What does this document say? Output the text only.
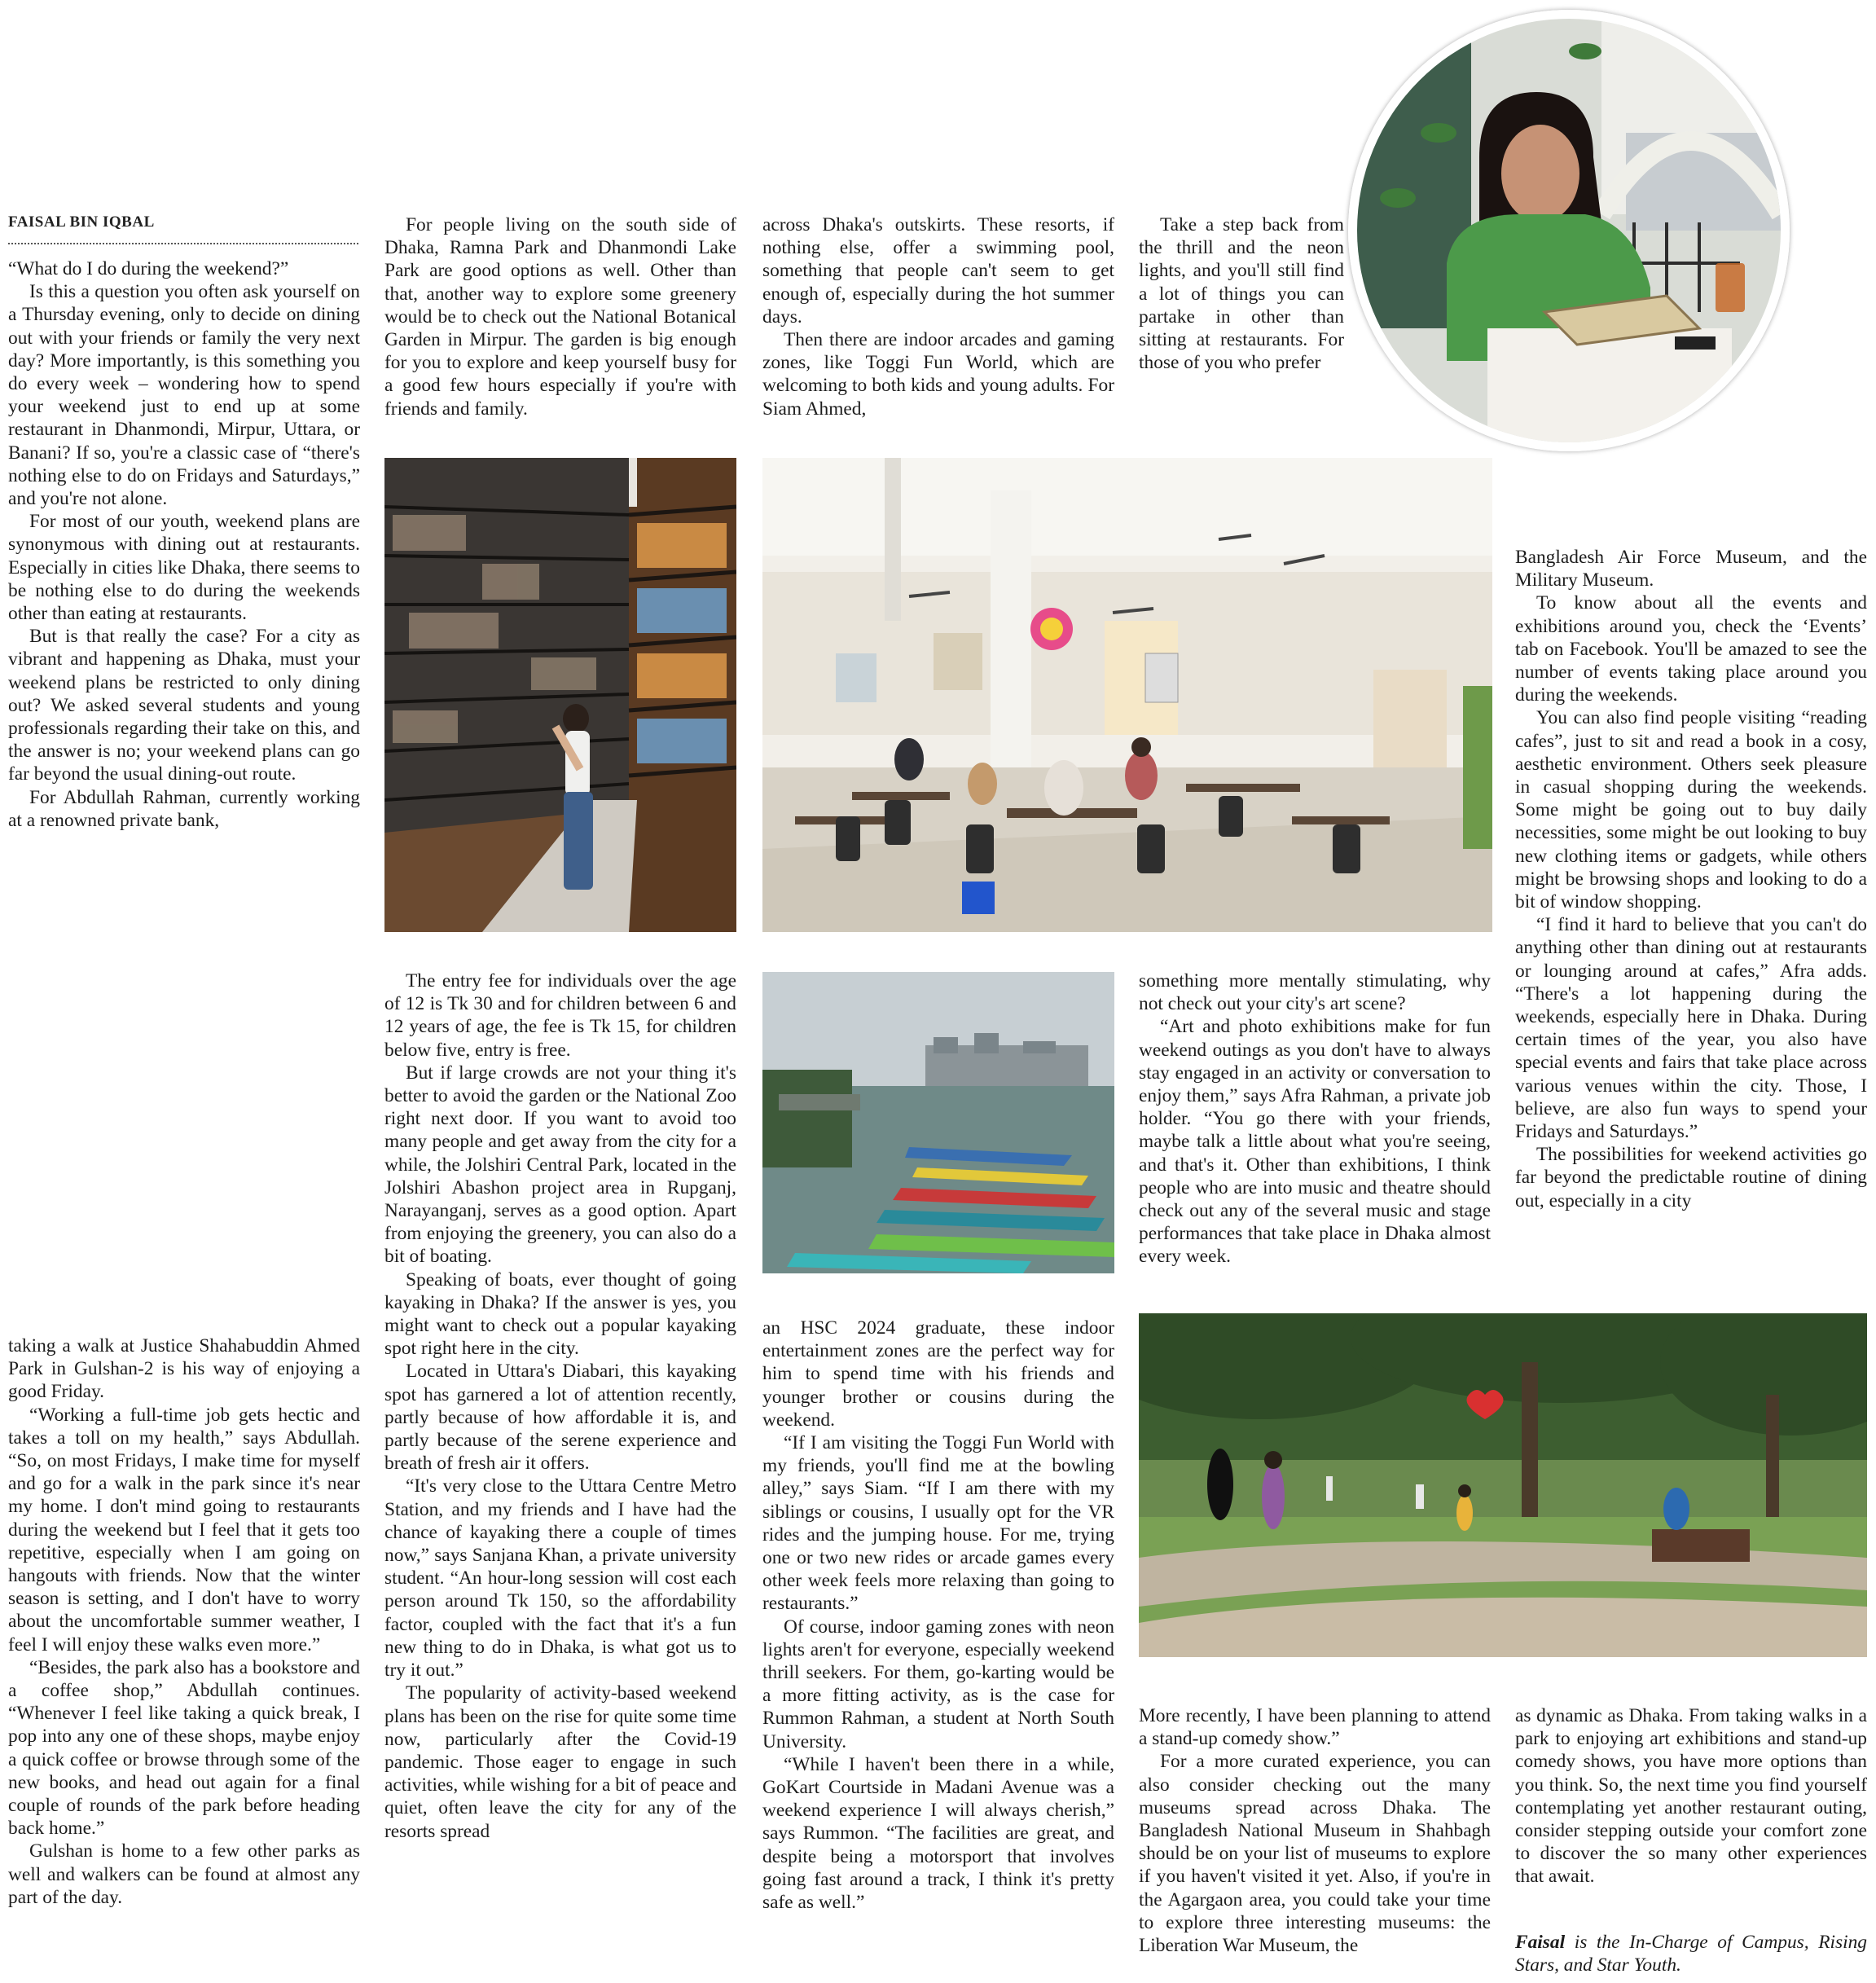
FAISAL BIN IQBAL

“What do I do during the weekend?”

Is this a question you often ask yourself on a Thursday evening, only to decide on dining out with your friends or family the very next day? More importantly, is this something you do every week – wondering how to spend your weekend just to end up at some restaurant in Dhanmondi, Mirpur, Uttara, or Banani? If so, you're a classic case of “there's nothing else to do on Fridays and Saturdays,” and you're not alone.

For most of our youth, weekend plans are synonymous with dining out at restaurants. Especially in cities like Dhaka, there seems to be nothing else to do during the weekends other than eating at restaurants.

But is that really the case? For a city as vibrant and happening as Dhaka, must your weekend plans be restricted to only dining out? We asked several students and young professionals regarding their take on this, and the answer is no; your weekend plans can go far beyond the usual dining-out route.

For Abdullah Rahman, currently working at a renowned private bank,

taking a walk at Justice Shahabuddin Ahmed Park in Gulshan-2 is his way of enjoying a good Friday.

“Working a full-time job gets hectic and takes a toll on my health,” says Abdullah. “So, on most Fridays, I make time for myself and go for a walk in the park since it's near my home. I don't mind going to restaurants during the weekend but I feel that it gets too repetitive, especially when I am going on hangouts with friends. Now that the winter season is setting, and I don't have to worry about the uncomfortable summer weather, I feel I will enjoy these walks even more.”

“Besides, the park also has a bookstore and a coffee shop,” Abdullah continues. “Whenever I feel like taking a quick break, I pop into any one of these shops, maybe enjoy a quick coffee or browse through some of the new books, and head out again for a final couple of rounds of the park before heading back home.”

Gulshan is home to a few other parks as well and walkers can be found at almost any part of the day.

For people living on the south side of Dhaka, Ramna Park and Dhanmondi Lake Park are good options as well. Other than that, another way to explore some greenery would be to check out the National Botanical Garden in Mirpur. The garden is big enough for you to explore and keep yourself busy for a good few hours especially if you're with friends and family.

The entry fee for individuals over the age of 12 is Tk 30 and for children between 6 and 12 years of age, the fee is Tk 15, for children below five, entry is free.

But if large crowds are not your thing it's better to avoid the garden or the National Zoo right next door. If you want to avoid too many people and get away from the city for a while, the Jolshiri Central Park, located in the Jolshiri Abashon project area in Rupganj, Narayanganj, serves as a good option. Apart from enjoying the greenery, you can also do a bit of boating.

Speaking of boats, ever thought of going kayaking in Dhaka? If the answer is yes, you might want to check out a popular kayaking spot right here in the city.

Located in Uttara's Diabari, this kayaking spot has garnered a lot of attention recently, partly because of how affordable it is, and partly because of the serene experience and breath of fresh air it offers.

“It's very close to the Uttara Centre Metro Station, and my friends and I have had the chance of kayaking there a couple of times now,” says Sanjana Khan, a private university student. “An hour-long session will cost each person around Tk 150, so the affordability factor, coupled with the fact that it's a fun new thing to do in Dhaka, is what got us to try it out.”

The popularity of activity-based weekend plans has been on the rise for quite some time now, particularly after the Covid-19 pandemic. Those eager to engage in such activities, while wishing for a bit of peace and quiet, often leave the city for any of the resorts spread

across Dhaka's outskirts. These resorts, if nothing else, offer a swimming pool, something that people can't seem to get enough of, especially during the hot summer days.

Then there are indoor arcades and gaming zones, like Toggi Fun World, which are welcoming to both kids and young adults. For Siam Ahmed,

an HSC 2024 graduate, these indoor entertainment zones are the perfect way for him to spend time with his friends and younger brother or cousins during the weekend.

“If I am visiting the Toggi Fun World with my friends, you'll find me at the bowling alley,” says Siam. “If I am there with my siblings or cousins, I usually opt for the VR rides and the jumping house. For me, trying one or two new rides or arcade games every other week feels more relaxing than going to restaurants.”

Of course, indoor gaming zones with neon lights aren't for everyone, especially weekend thrill seekers. For them, go-karting would be a more fitting activity, as is the case for Rummon Rahman, a student at North South University.

“While I haven't been there in a while, GoKart Courtside in Madani Avenue was a weekend experience I will always cherish,” says Rummon. “The facilities are great, and despite being a motorsport that involves going fast around a track, I think it's pretty safe as well.”

Take a step back from the thrill and the neon lights, and you'll still find a lot of things you can partake in other than sitting at restaurants. For those of you who prefer

something more mentally stimulating, why not check out your city's art scene?

“Art and photo exhibitions make for fun weekend outings as you don't have to always stay engaged in an activity or conversation to enjoy them,” says Afra Rahman, a private job holder. “You go there with your friends, maybe talk a little about what you're seeing, and that's it. Other than exhibitions, I think people who are into music and theatre should check out any of the several music and stage performances that take place in Dhaka almost every week.

More recently, I have been planning to attend a stand-up comedy show.”

For a more curated experience, you can also consider checking out the many museums spread across Dhaka. The Bangladesh National Museum in Shahbagh should be on your list of museums to explore if you haven't visited it yet. Also, if you're in the Agargaon area, you could take your time to explore three interesting museums: the Liberation War Museum, the

Bangladesh Air Force Museum, and the Military Museum.

To know about all the events and exhibitions around you, check the ‘Events’ tab on Facebook. You'll be amazed to see the number of events taking place around you during the weekends.

You can also find people visiting “reading cafes”, just to sit and read a book in a cosy, aesthetic environment. Others seek pleasure in casual shopping during the weekends. Some might be going out to buy daily necessities, some might be out looking to buy new clothing items or gadgets, while others might be browsing shops and looking to do a bit of window shopping.

“I find it hard to believe that you can't do anything other than dining out at restaurants or lounging around at cafes,” Afra adds. “There's a lot happening during the weekends, especially here in Dhaka. During certain times of the year, you also have special events and fairs that take place across various venues within the city. Those, I believe, are also fun ways to spend your Fridays and Saturdays.”

The possibilities for weekend activities go far beyond the predictable routine of dining out, especially in a city

as dynamic as Dhaka. From taking walks in a park to enjoying art exhibitions and stand-up comedy shows, you have more options than you think. So, the next time you find yourself contemplating yet another restaurant outing, consider stepping outside your comfort zone to discover the so many other experiences that await.

Faisal is the In-Charge of Campus, Rising Stars, and Star Youth.
